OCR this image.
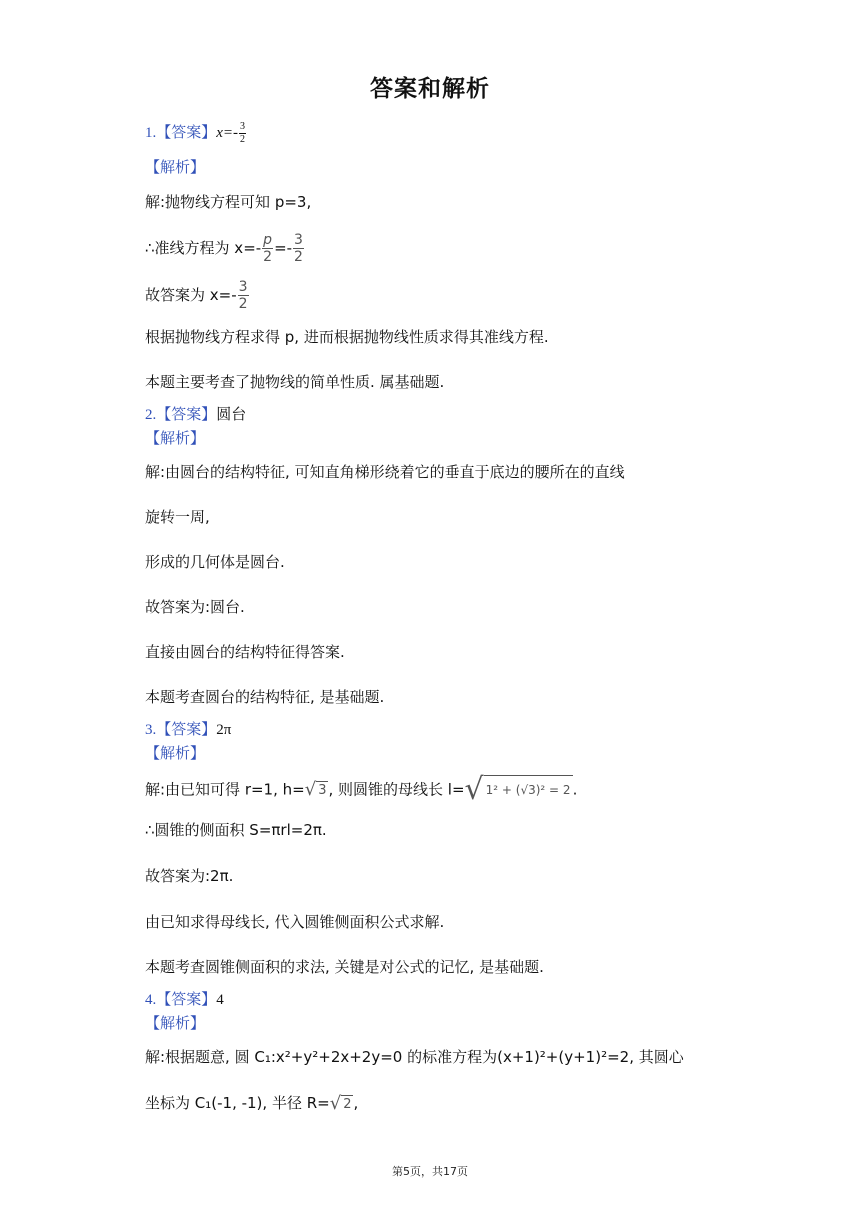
答案和解析
1.【答案】$x=- \frac{3}{2}$
【解析】
解:抛物线方程可知 p=3,
∴准线方程为 $x=- \frac{p}{2} =- \frac{3}{2}$
故答案为 $x=- \frac{3}{2}$
根据抛物线方程求得 p, 进而根据抛物线性质求得其准线方程.
本题主要考查了抛物线的简单性质. 属基础题.
2.【答案】圆台
【解析】
解:由圆台的结构特征, 可知直角梯形绕着它的垂直于底边的腰所在的直线
旋转一周,
形成的几何体是圆台.
故答案为:圆台.
直接由圆台的结构特征得答案.
本题考查圆台的结构特征, 是基础题.
3.【答案】2π
【解析】
解:由已知可得 r=1, h= √ 3 , 则圆锥的母线长 l= √ 1² + (√3)² = 2 .
∴圆锥的侧面积 S=πrl=2π.
故答案为:2π.
由已知求得母线长, 代入圆锥侧面积公式求解.
本题考查圆锥侧面积的求法, 关键是对公式的记忆, 是基础题.
4.【答案】4
【解析】
解:根据题意, 圆 C₁:x²+y²+2x+2y=0 的标准方程为(x+1)²+(y+1)²=2, 其圆心
坐标为 C₁(-1, -1), 半径 R= √ 2 ,
第5页，共17页
